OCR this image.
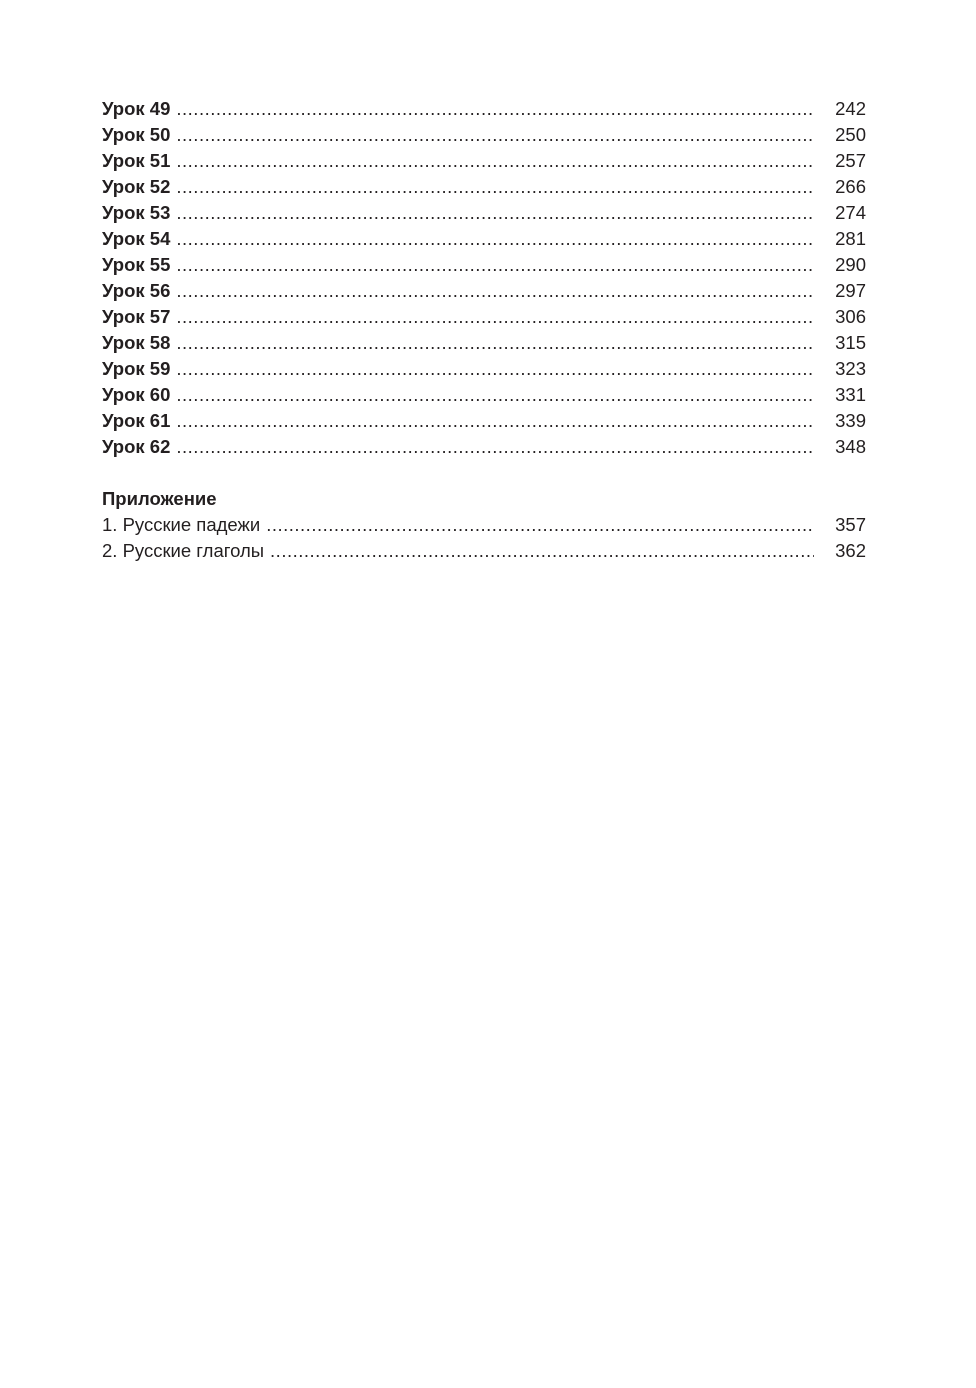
Урок 49 .....	242
Урок 50 .....	250
Урок 51 .....	257
Урок 52 .....	266
Урок 53 .....	274
Урок 54 .....	281
Урок 55 .....	290
Урок 56 .....	297
Урок 57 .....	306
Урок 58 .....	315
Урок 59 .....	323
Урок 60 .....	331
Урок 61 .....	339
Урок 62 .....	348
Приложение
1. Русские падежи .....	357
2. Русские глаголы .....	362
